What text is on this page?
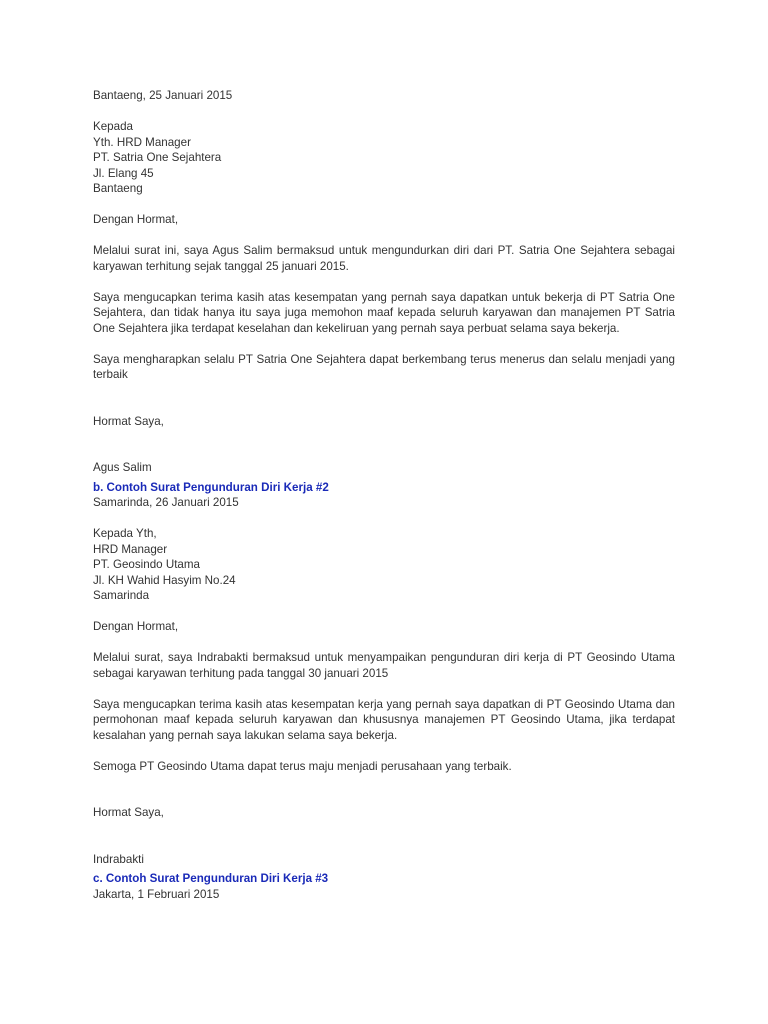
Bantaeng, 25 Januari 2015
Kepada
Yth. HRD Manager
PT. Satria One Sejahtera
Jl. Elang 45
Bantaeng
Dengan Hormat,
Melalui surat ini, saya Agus Salim bermaksud untuk mengundurkan diri dari PT. Satria One Sejahtera sebagai karyawan terhitung sejak tanggal 25 januari 2015.
Saya mengucapkan terima kasih atas kesempatan yang pernah saya dapatkan untuk bekerja di PT Satria One Sejahtera, dan tidak hanya itu saya juga memohon maaf kepada seluruh karyawan dan manajemen PT Satria One Sejahtera jika terdapat keselahan dan kekeliruan yang pernah saya perbuat selama saya bekerja.
Saya mengharapkan selalu PT Satria One Sejahtera dapat berkembang terus menerus dan selalu menjadi yang terbaik
Hormat Saya,
Agus Salim
b. Contoh Surat Pengunduran Diri Kerja #2
Samarinda, 26 Januari 2015
Kepada Yth,
HRD Manager
PT. Geosindo Utama
Jl. KH Wahid Hasyim No.24
Samarinda
Dengan Hormat,
Melalui surat, saya Indrabakti bermaksud untuk menyampaikan pengunduran diri kerja di PT Geosindo Utama sebagai karyawan terhitung pada tanggal 30 januari 2015
Saya mengucapkan terima kasih atas kesempatan kerja yang pernah saya dapatkan di PT Geosindo Utama dan permohonan maaf kepada seluruh karyawan dan khususnya manajemen PT Geosindo Utama, jika terdapat kesalahan yang pernah saya lakukan selama saya bekerja.
Semoga PT Geosindo Utama dapat terus maju menjadi perusahaan yang terbaik.
Hormat Saya,
Indrabakti
c. Contoh Surat Pengunduran Diri Kerja #3
Jakarta, 1 Februari 2015
